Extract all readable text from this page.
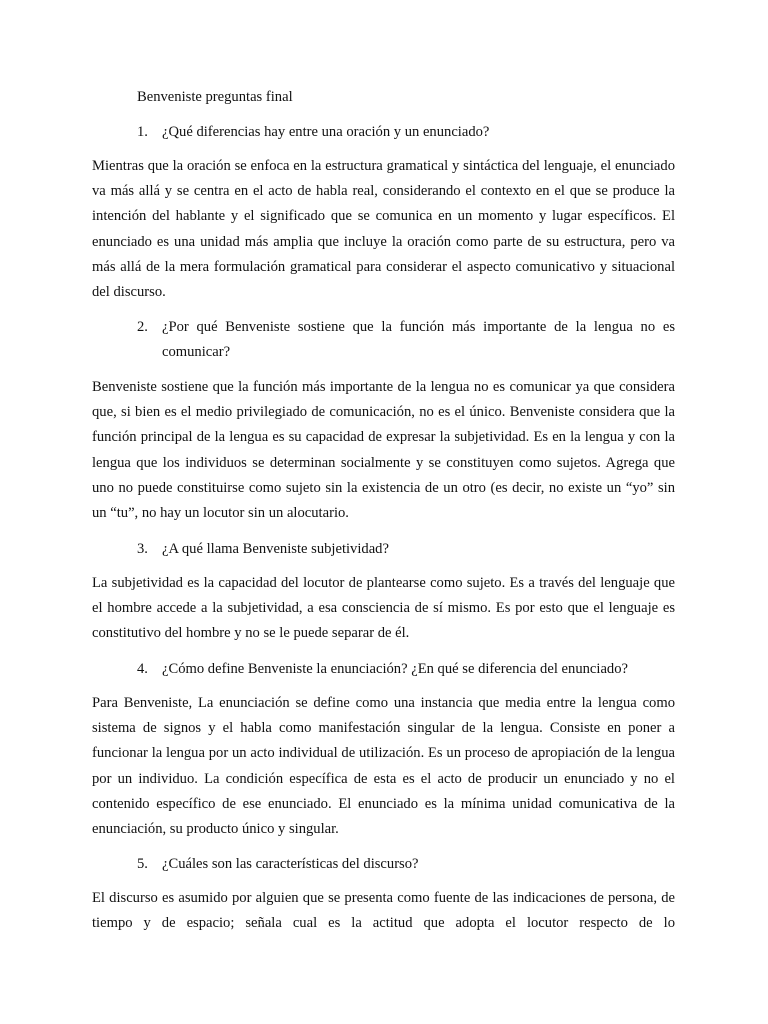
Benveniste preguntas final
1. ¿Qué diferencias hay entre una oración y un enunciado?

Mientras que la oración se enfoca en la estructura gramatical y sintáctica del lenguaje, el enunciado va más allá y se centra en el acto de habla real, considerando el contexto en el que se produce la intención del hablante y el significado que se comunica en un momento y lugar específicos. El enunciado es una unidad más amplia que incluye la oración como parte de su estructura, pero va más allá de la mera formulación gramatical para considerar el aspecto comunicativo y situacional del discurso.

2. ¿Por qué Benveniste sostiene que la función más importante de la lengua no es comunicar?

Benveniste sostiene que la función más importante de la lengua no es comunicar ya que considera que, si bien es el medio privilegiado de comunicación, no es el único. Benveniste considera que la función principal de la lengua es su capacidad de expresar la subjetividad. Es en la lengua y con la lengua que los individuos se determinan socialmente y se constituyen como sujetos. Agrega que uno no puede constituirse como sujeto sin la existencia de un otro (es decir, no existe un “yo” sin un “tu”, no hay un locutor sin un alocutario.

3. ¿A qué llama Benveniste subjetividad?

La subjetividad es la capacidad del locutor de plantearse como sujeto. Es a través del lenguaje que el hombre accede a la subjetividad, a esa consciencia de sí mismo. Es por esto que el lenguaje es constitutivo del hombre y no se le puede separar de él.

4. ¿Cómo define Benveniste la enunciación? ¿En qué se diferencia del enunciado?

Para Benveniste, La enunciación se define como una instancia que media entre la lengua como sistema de signos y el habla como manifestación singular de la lengua. Consiste en poner a funcionar la lengua por un acto individual de utilización. Es un proceso de apropiación de la lengua por un individuo. La condición específica de esta es el acto de producir un enunciado y no el contenido específico de ese enunciado. El enunciado es la mínima unidad comunicativa de la enunciación, su producto único y singular.

5. ¿Cuáles son las características del discurso?

El discurso es asumido por alguien que se presenta como fuente de las indicaciones de persona, de tiempo y de espacio; señala cual es la actitud que adopta el locutor respecto de lo
